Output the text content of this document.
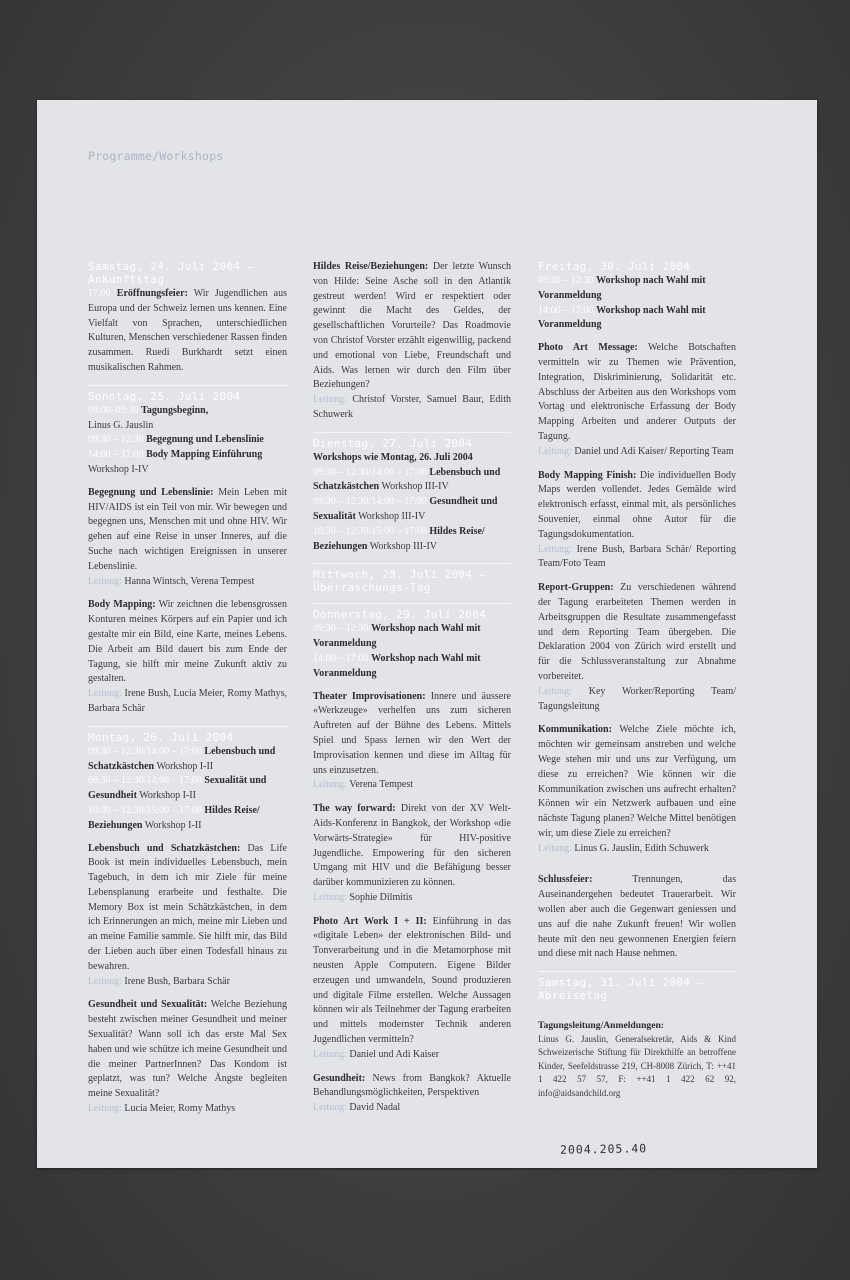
Programme/Workshops
Samstag, 24. Juli 2004 – Ankunftstag

17:00 Eröffnungsfeier: Wir Jugendlichen aus Europa und der Schweiz lernen uns kennen. Eine Vielfalt von Sprachen, unterschiedlichen Kulturen, Menschen verschiedener Rassen finden zusammen. Ruedi Burkhardt setzt einen musikalischen Rahmen.

Sonntag, 25. Juli 2004

09:00–09:30 Tagungsbeginn,

Linus G. Jauslin

09:30 – 12:30 Begegnung und Lebenslinie

14:00 – 17:00 Body Mapping Einführung

Workshop I-IV

Begegnung und Lebenslinie: Mein Leben mit HIV/AIDS ist ein Teil von mir. Wir bewegen und begegnen uns, Menschen mit und ohne HIV. Wir gehen auf eine Reise in unser Inneres, auf die Suche nach wichtigen Ereignissen in unserer Lebenslinie.
Leitung: Hanna Wintsch, Verena Tempest

Body Mapping: Wir zeichnen die lebensgrossen Konturen meines Körpers auf ein Papier und ich gestalte mir ein Bild, eine Karte, meines Lebens. Die Arbeit am Bild dauert bis zum Ende der Tagung, sie hilft mir meine Zukunft aktiv zu gestalten.
Leitung: Irene Bush, Lucia Meier, Romy Mathys, Barbara Schär

Montag, 26. Juli 2004

09:30 – 12:30/14:00 – 17:00 Lebensbuch und Schatzkästchen Workshop I-II

09:30 – 12:30/14:00 – 17:00 Sexualität und Gesundheit Workshop I-II

10:30 – 12:30/15:00 – 17:00 Hildes Reise/ Beziehungen Workshop I-II

Lebensbuch und Schatzkästchen: Das Life Book ist mein individuelles Lebensbuch, mein Tagebuch, in dem ich mir Ziele für meine Lebensplanung erarbeite und festhalte. Die Memory Box ist mein Schätzkästchen, in dem ich Erinnerungen an mich, meine mir Lieben und an meine Familie sammle. Sie hilft mir, das Bild der Lieben auch über einen Todesfall hinaus zu bewahren.
Leitung: Irene Bush, Barbara Schär

Gesundheit und Sexualität: Welche Beziehung besteht zwischen meiner Gesundheit und meiner Sexualität? Wann soll ich das erste Mal Sex haben und wie schütze ich meine Gesundheit und die meiner PartnerInnen? Das Kondom ist geplatzt, was tun? Welche Ängste begleiten meine Sexualität?
Leitung: Lucia Meier, Romy Mathys

Hildes Reise/Beziehungen: Der letzte Wunsch von Hilde: Seine Asche soll in den Atlantik gestreut werden! Wird er respektiert oder gewinnt die Macht des Geldes, der gesellschaftlichen Vorurteile? Das Roadmovie von Christof Vorster erzählt eigenwillig, packend und emotional von Liebe, Freundschaft und Aids. Was lernen wir durch den Film über Beziehungen?
Leitung: Christof Vorster, Samuel Baur, Edith Schuwerk

Dienstag, 27. Juli 2004

Workshops wie Montag, 26. Juli 2004

09:30 – 12:30/14:00 – 17:00 Lebensbuch und Schatzkästchen Workshop III-IV

09:30 – 12:30/14:00 – 17:00 Gesundheit und Sexualität Workshop III-IV

10:30 – 12:30/15:00 – 17:00 Hildes Reise/ Beziehungen Workshop III-IV

Mittwoch, 28. Juli 2004 – Überraschungs-Tag
Donnerstag, 29. Juli 2004

09:30 – 12:30 Workshop nach Wahl mit Voranmeldung

14:00 – 17:00 Workshop nach Wahl mit Voranmeldung

Theater Improvisationen: Innere und äussere «Werkzeuge» verhelfen uns zum sicheren Auftreten auf der Bühne des Lebens. Mittels Spiel und Spass lernen wir den Wert der Improvisation kennen und diese im Alltag für uns einzusetzen.
Leitung: Verena Tempest

The way forward: Direkt von der XV Welt-Aids-Konferenz in Bangkok, der Workshop «die Vorwärts-Strategie» für HIV-positive Jugendliche. Empowering für den sicheren Umgang mit HIV und die Befähigung besser darüber kommunizieren zu können.
Leitung: Sophie Dilmitis

Photo Art Work I + II: Einführung in das «digitale Leben» der elektronischen Bild- und Tonverarbeitung und in die Metamorphose mit neusten Apple Computern. Eigene Bilder erzeugen und umwandeln, Sound produzieren und digitale Filme erstellen. Welche Aussagen können wir als Teilnehmer der Tagung erarbeiten und mittels modernster Technik anderen Jugendlichen vermitteln?
Leitung: Daniel und Adi Kaiser

Gesundheit: News from Bangkok? Aktuelle Behandlungsmöglichkeiten, Perspektiven
Leitung: David Nadal

Freitag, 30. Juli 2004

09:30 – 12:30 Workshop nach Wahl mit Voranmeldung

14:00 – 17:00 Workshop nach Wahl mit Voranmeldung

Photo Art Message: Welche Botschaften vermitteln wir zu Themen wie Prävention, Integration, Diskriminierung, Solidarität etc. Abschluss der Arbeiten aus den Workshops vom Vortag und elektronische Erfassung der Body Mapping Arbeiten und anderer Outputs der Tagung.
Leitung: Daniel und Adi Kaiser/ Reporting Team

Body Mapping Finish: Die individuellen Body Maps werden vollendet. Jedes Gemälde wird elektronisch erfasst, einmal mit, als persönliches Souvenier, einmal ohne Autor für die Tagungsdokumentation.
Leitung: Irene Bush, Barbara Schär/ Reporting Team/Foto Team

Report-Gruppen: Zu verschiedenen während der Tagung erarbeiteten Themen werden in Arbeitsgruppen die Resultate zusammengefasst und dem Reporting Team übergeben. Die Deklaration 2004 von Zürich wird erstellt und für die Schlussveranstaltung zur Abnahme vorbereitet.
Leitung: Key Worker/Reporting Team/ Tagungsleitung

Kommunikation: Welche Ziele möchte ich, möchten wir gemeinsam anstreben und welche Wege stehen mir und uns zur Verfügung, um diese zu erreichen? Wie können wir die Kommunikation zwischen uns aufrecht erhalten? Können wir ein Netzwerk aufbauen und eine nächste Tagung planen? Welche Mittel benötigen wir, um diese Ziele zu erreichen?
Leitung: Linus G. Jauslin, Edith Schuwerk

Schlussfeier:	Trennungen, das Auseinandergehen bedeutet Trauerarbeit. Wir wollen aber auch die Gegenwart geniessen und uns auf die nahe Zukunft freuen! Wir wollen heute mit den neu gewonnenen Energien feiern und diese mit nach Hause nehmen.

Samstag, 31. Juli 2004 – Abreisetag

Tagungsleitung/Anmeldungen:
Linus G. Jauslin, Generalsekretär, Aids & Kind Schweizerische Stiftung für Direkthilfe an betroffene Kinder, Seefeldstrasse 219, CH-8008 Zürich, T: ++41 1 422 57 57, F: ++41 1 422 62 92, info@aidsandchild.org

2004.205.40
